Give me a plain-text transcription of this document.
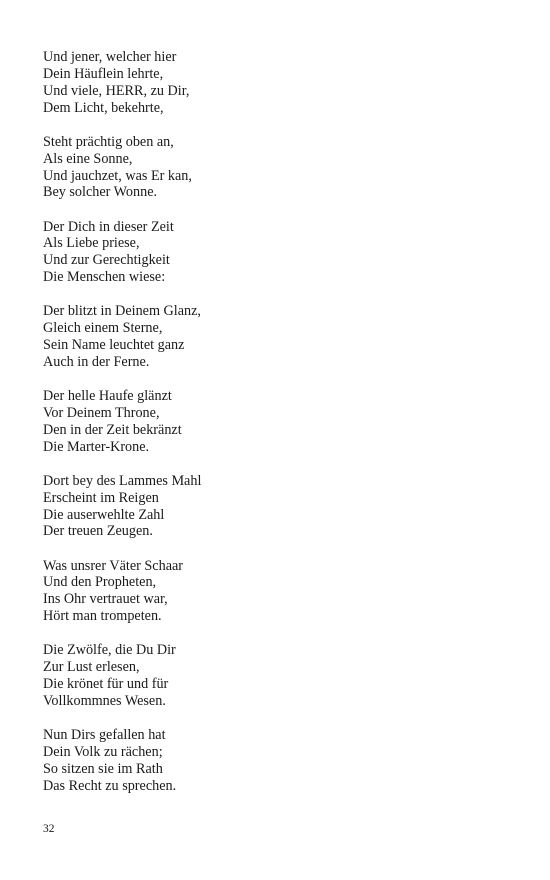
Und jener, welcher hier
Dein Häuflein lehrte,
Und viele, HERR, zu Dir,
Dem Licht, bekehrte,
Steht prächtig oben an,
Als eine Sonne,
Und jauchzet, was Er kan,
Bey solcher Wonne.
Der Dich in dieser Zeit
Als Liebe priese,
Und zur Gerechtigkeit
Die Menschen wiese:
Der blitzt in Deinem Glanz,
Gleich einem Sterne,
Sein Name leuchtet ganz
Auch in der Ferne.
Der helle Haufe glänzt
Vor Deinem Throne,
Den in der Zeit bekränzt
Die Marter-Krone.
Dort bey des Lammes Mahl
Erscheint im Reigen
Die auserwehlte Zahl
Der treuen Zeugen.
Was unsrer Väter Schaar
Und den Propheten,
Ins Ohr vertrauet war,
Hört man trompeten.
Die Zwölfe, die Du Dir
Zur Lust erlesen,
Die krönet für und für
Vollkommnes Wesen.
Nun Dirs gefallen hat
Dein Volk zu rächen;
So sitzen sie im Rath
Das Recht zu sprechen.
32
